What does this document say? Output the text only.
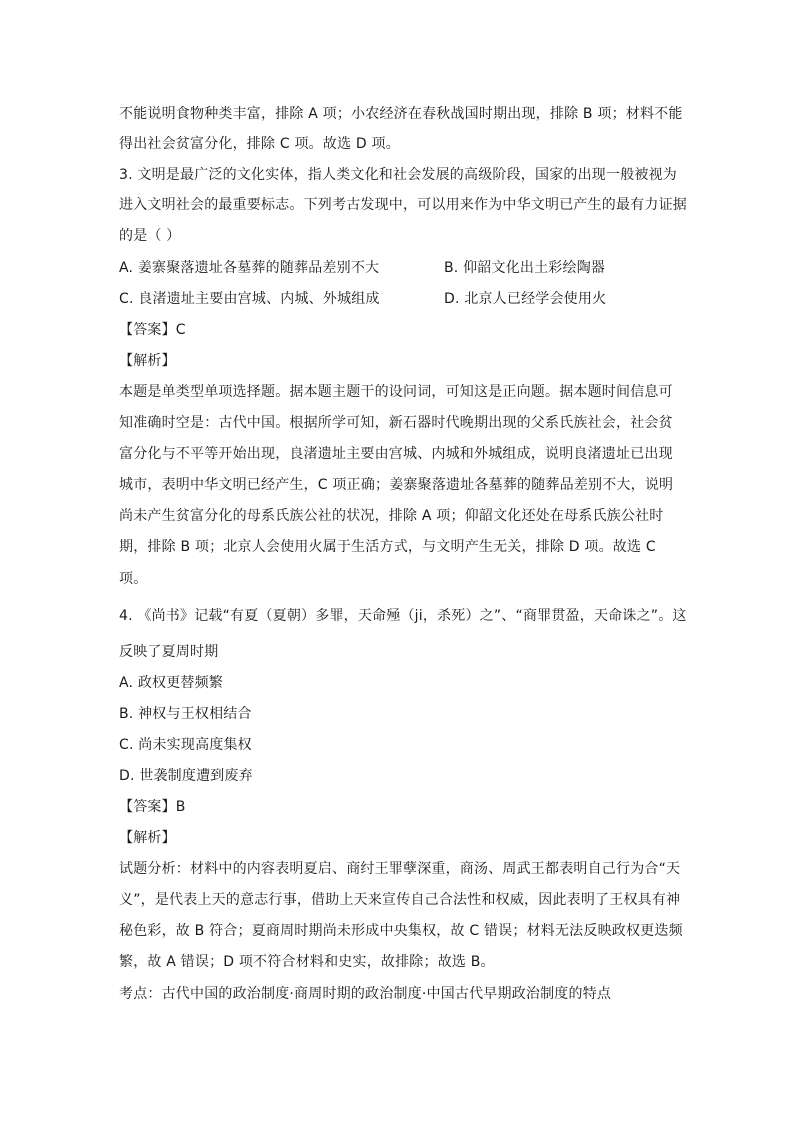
不能说明食物种类丰富，排除 A 项；小农经济在春秋战国时期出现，排除 B 项；材料不能
得出社会贫富分化，排除 C 项。故选 D 项。
3. 文明是最广泛的文化实体，指人类文化和社会发展的高级阶段，国家的出现一般被视为
进入文明社会的最重要标志。下列考古发现中，可以用来作为中华文明已产生的最有力证据
的是（ ）
A. 姜寨聚落遗址各墓葬的随葬品差别不大	B. 仰韶文化出土彩绘陶器
C. 良渚遗址主要由宫城、内城、外城组成	D. 北京人已经学会使用火
【答案】C
【解析】
本题是单类型单项选择题。据本题主题干的设问词，可知这是正向题。据本题时间信息可
知准确时空是：古代中国。根据所学可知，新石器时代晚期出现的父系氏族社会，社会贫
富分化与不平等开始出现，良渚遗址主要由宫城、内城和外城组成，说明良渚遗址已出现
城市，表明中华文明已经产生，C 项正确；姜寨聚落遗址各墓葬的随葬品差别不大，说明
尚未产生贫富分化的母系氏族公社的状况，排除 A 项；仰韶文化还处在母系氏族公社时
期，排除 B 项；北京人会使用火属于生活方式，与文明产生无关，排除 D 项。故选 C
项。
4. 《尚书》记载“有夏（夏朝）多罪，天命殛（ji，杀死）之”、“商罪贯盈，天命诛之”。这
反映了夏周时期
A. 政权更替频繁
B. 神权与王权相结合
C. 尚未实现高度集权
D. 世袭制度遭到废弃
【答案】B
【解析】
试题分析：材料中的内容表明夏启、商纣王罪孽深重，商汤、周武王都表明自己行为合“天
义”，是代表上天的意志行事，借助上天来宣传自己合法性和权威，因此表明了王权具有神
秘色彩，故 B 符合；夏商周时期尚未形成中央集权，故 C 错误；材料无法反映政权更迭频
繁，故 A 错误；D 项不符合材料和史实，故排除；故选 B。
考点：古代中国的政治制度·商周时期的政治制度·中国古代早期政治制度的特点
